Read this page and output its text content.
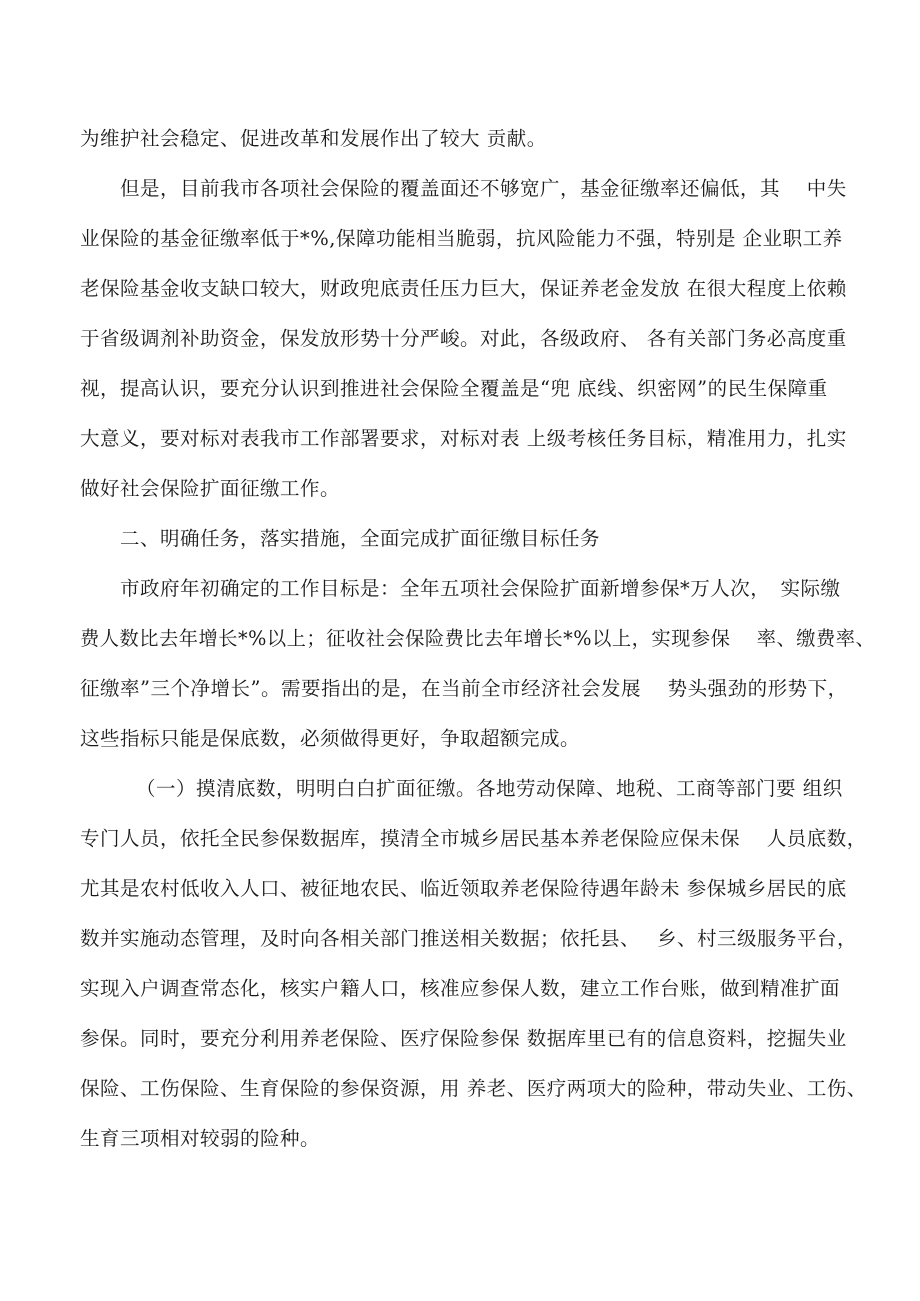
为维护社会稳定、促进改革和发展作出了较大 贡献。

但是，目前我市各项社会保险的覆盖面还不够宽广，基金征缴率还偏低，其　 中失

业保险的基金征缴率低于*%,保障功能相当脆弱，抗风险能力不强，特别是 企业职工养

老保险基金收支缺口较大，财政兜底责任压力巨大，保证养老金发放 在很大程度上依赖

于省级调剂补助资金，保发放形势十分严峻。对此，各级政府、 各有关部门务必高度重

视，提高认识，要充分认识到推进社会保险全覆盖是“兜 底线、织密网”的民生保障重

大意义，要对标对表我市工作部署要求，对标对表 上级考核任务目标，精准用力，扎实

做好社会保险扩面征缴工作。

二、明确任务，落实措施，全面完成扩面征缴目标任务

市政府年初确定的工作目标是：全年五项社会保险扩面新增参保*万人次，　实际缴

费人数比去年增长*%以上；征收社会保险费比去年增长*%以上，实现参保　 率、缴费率、

征缴率”三个净增长”。需要指出的是，在当前全市经济社会发展　 势头强劲的形势下，

这些指标只能是保底数，必须做得更好，争取超额完成。

（一）摸清底数，明明白白扩面征缴。各地劳动保障、地税、工商等部门要 组织

专门人员，依托全民参保数据库，摸清全市城乡居民基本养老保险应保未保　 人员底数，

尤其是农村低收入人口、被征地农民、临近领取养老保险待遇年龄未 参保城乡居民的底

数并实施动态管理，及时向各相关部门推送相关数据；依托县、　 乡、村三级服务平台，

实现入户调查常态化，核实户籍人口，核准应参保人数，建立工作台账，做到精准扩面

参保。同时，要充分利用养老保险、医疗保险参保 数据库里已有的信息资料，挖掘失业

保险、工伤保险、生育保险的参保资源，用 养老、医疗两项大的险种，带动失业、工伤、

生育三项相对较弱的险种。
